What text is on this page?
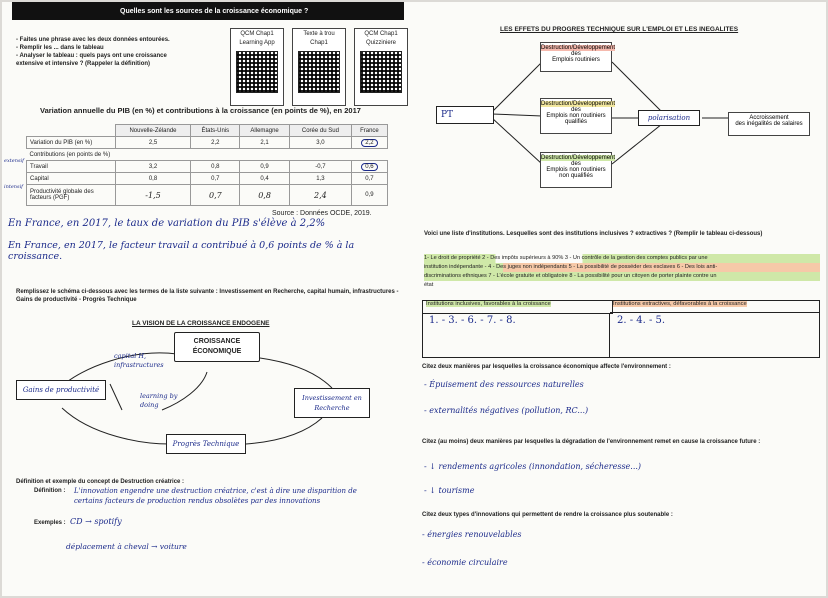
Quelles sont les sources de la croissance économique ?
- Faites une phrase avec les deux données entourées.
- Remplir les ... dans le tableau
- Analyser le tableau : quels pays ont une croissance
extensive et intensive ? (Rappeler la définition)
QCM Chap1
Learning App
Texte à trou
Chap1
QCM Chap1
Quizziniere
Variation annuelle du PIB (en %) et contributions à la croissance (en points de %), en 2017
	Nouvelle-Zélande	États-Unis	Allemagne	Corée du Sud	France
Variation du PIB (en %)	2,5	2,2	2,1	3,0	2,2
Contributions (en points de %)					
Travail	3,2	0,8	0,9	-0,7	0,6
Capital	0,8	0,7	0,4	1,3	0,7
Productivité globale des facteurs (PGF)	-1,5	0,7	0,8	2,4	0,9
extensif
intensif
Source : Données OCDE, 2019.
En France, en 2017, le taux de variation du PIB s'élève à 2,2%
En France, en 2017, le facteur travail a contribué à 0,6 points de % à la croissance.
Remplissez le schéma ci-dessous avec les termes de la liste suivante : Investissement en Recherche, capital humain, infrastructures - Gains de productivité - Progrès Technique
LA VISION DE LA CROISSANCE ENDOGENE
CROISSANCE ÉCONOMIQUE
Gains de productivité
Investissement en Recherche
Progrès Technique
capital H, infrastructures
learning by doing
Définition et exemple du concept de Destruction créatrice :
Définition : L'innovation engendre une destruction créatrice, c'est à dire une disparition de certains facteurs de production rendus obsolètes par des innovations
Exemples : CD → spotify
déplacement à cheval → voiture
LES EFFETS DU PROGRES TECHNIQUE SUR L'EMPLOI ET LES INEGALITES
PT
Destruction/Développement
des
Emplois routiniers
Destruction/Développement
des
Emplois non routiniers
qualifiés
Destruction/Développement
des
Emplois non routiniers
non qualifiés
polarisation	Accroissement
des inégalités de salaires
Voici une liste d'institutions. Lesquelles sont des institutions inclusives ? extractives ? (Remplir le tableau ci-dessous)
1- Le droit de propriété 2 - Des impôts supérieurs à 90% 3 - Un contrôle de la gestion des comptes publics par une
institution indépendante - 4 - Des juges non indépendants 5 - La possibilité de posséder des esclaves 6 - Des lois anti-
discriminations ethniques 7 - L'école gratuite et obligatoire 8 - La possibilité pour un citoyen de porter plainte contre un
état
Institutions inclusives, favorables à la croissance	Institutions extractives, défavorables à la croissance
1. - 3. - 6. - 7. - 8.	2. - 4. - 5.
Citez deux manières par lesquelles la croissance économique affecte l'environnement :
- Épuisement des ressources naturelles
- externalités négatives (pollution, RC...)
Citez (au moins) deux manières par lesquelles la dégradation de l'environnement remet en cause la croissance future :
- ↓ rendements agricoles (innondation, sécheresse...)
- ↓ tourisme
Citez deux types d'innovations qui permettent de rendre la croissance plus soutenable :
- énergies renouvelables
- économie circulaire
